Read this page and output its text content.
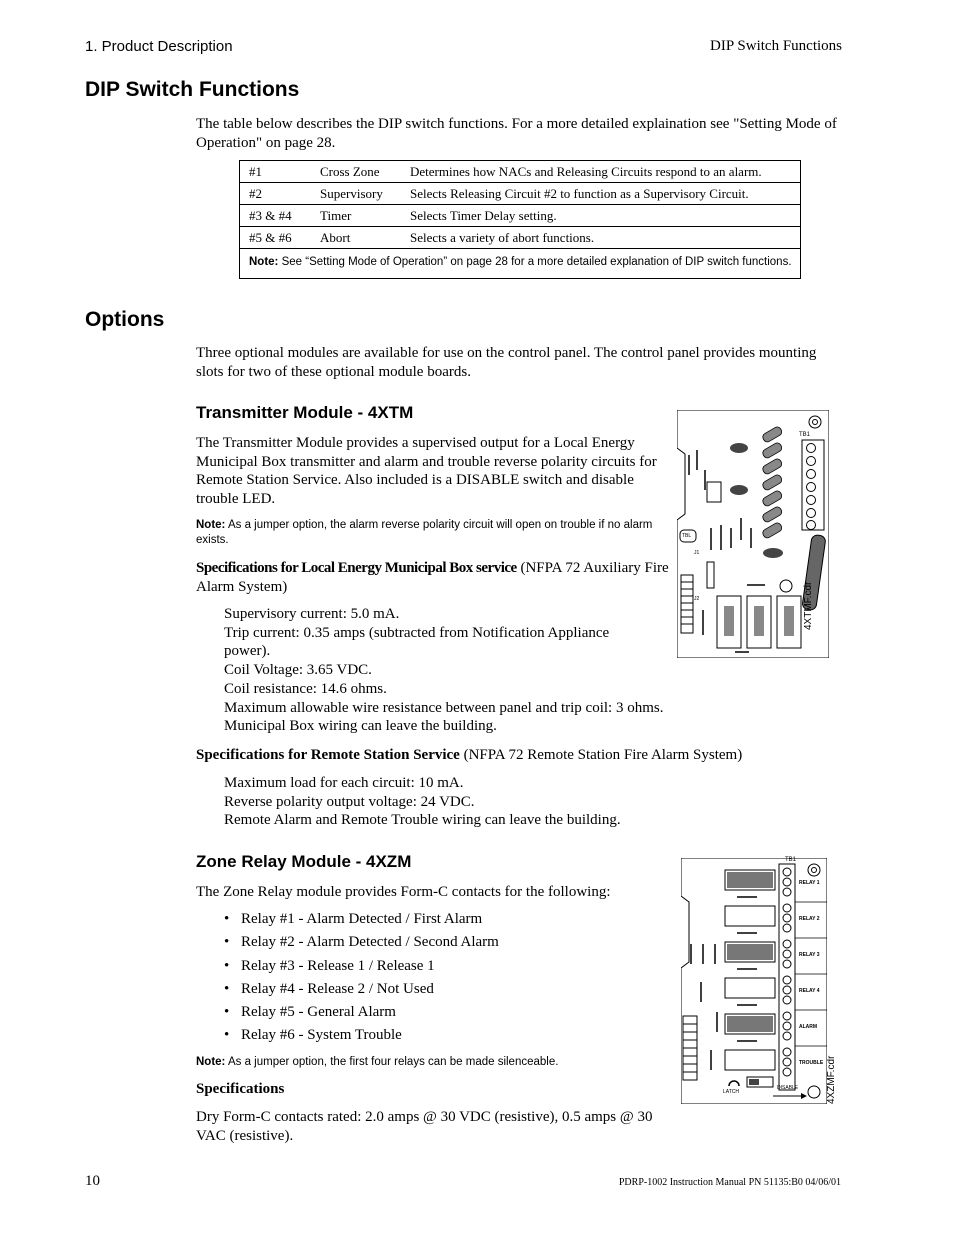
1. Product Description	DIP Switch Functions
DIP Switch Functions

The table below describes the DIP switch functions. For a more detailed explaination see "Setting Mode of Operation" on page 28.

#1	Cross Zone	Determines how NACs and Releasing Circuits respond to an alarm.
#2	Supervisory	Selects Releasing Circuit #2 to function as a Supervisory Circuit.
#3 & #4	Timer	Selects Timer Delay setting.
#5 & #6	Abort	Selects a variety of abort functions.
Note: See “Setting Mode of Operation” on page 28 for a more detailed explanation of DIP switch functions.		
Options

Three optional modules are available for use on the control panel. The control panel provides mounting slots for two of these optional module boards.

Transmitter Module - 4XTM

The Transmitter Module provides a supervised output for a Local Energy Municipal Box transmitter and alarm and trouble reverse polarity circuits for Remote Station Service. Also included is a DISABLE switch and disable trouble LED.

Note: As a jumper option, the alarm reverse polarity circuit will open on trouble if no alarm exists.

Specifications for Local Energy Municipal Box service (NFPA 72 Auxiliary Fire Alarm System)

Supervisory current: 5.0 mA.
Trip current: 0.35 amps (subtracted from Notification Appliance
power).
Coil Voltage: 3.65 VDC.
Coil resistance: 14.6 ohms.
Maximum allowable wire resistance between panel and trip coil: 3 ohms.
Municipal Box wiring can leave the building.

Specifications for Remote Station Service (NFPA 72 Remote Station Fire Alarm System)

Maximum load for each circuit: 10 mA.
Reverse polarity output voltage: 24 VDC.
Remote Alarm and Remote Trouble wiring can leave the building.
TB1
TBL
J1
J2	4XTMF.cdr
Zone Relay Module - 4XZM

The Zone Relay module provides Form-C contacts for the following:

• Relay #1 - Alarm Detected / First Alarm
• Relay #2 - Alarm Detected / Second Alarm
• Relay #3 - Release 1 / Release 1
• Relay #4 - Release 2 / Not Used
• Relay #5 - General Alarm
• Relay #6 - System Trouble

Note: As a jumper option, the first four relays can be made silenceable.

Specifications

Dry Form-C contacts rated: 2.0 amps @ 30 VDC (resistive), 0.5 amps @ 30 VAC (resistive).

TB1
RELAY 1
RELAY 2
RELAY 3
RELAY 4
ALARM
TROUBLE
LATCH
DISABLE	4XZMF.cdr
10	PDRP-1002 Instruction Manual PN 51135:B0 04/06/01
